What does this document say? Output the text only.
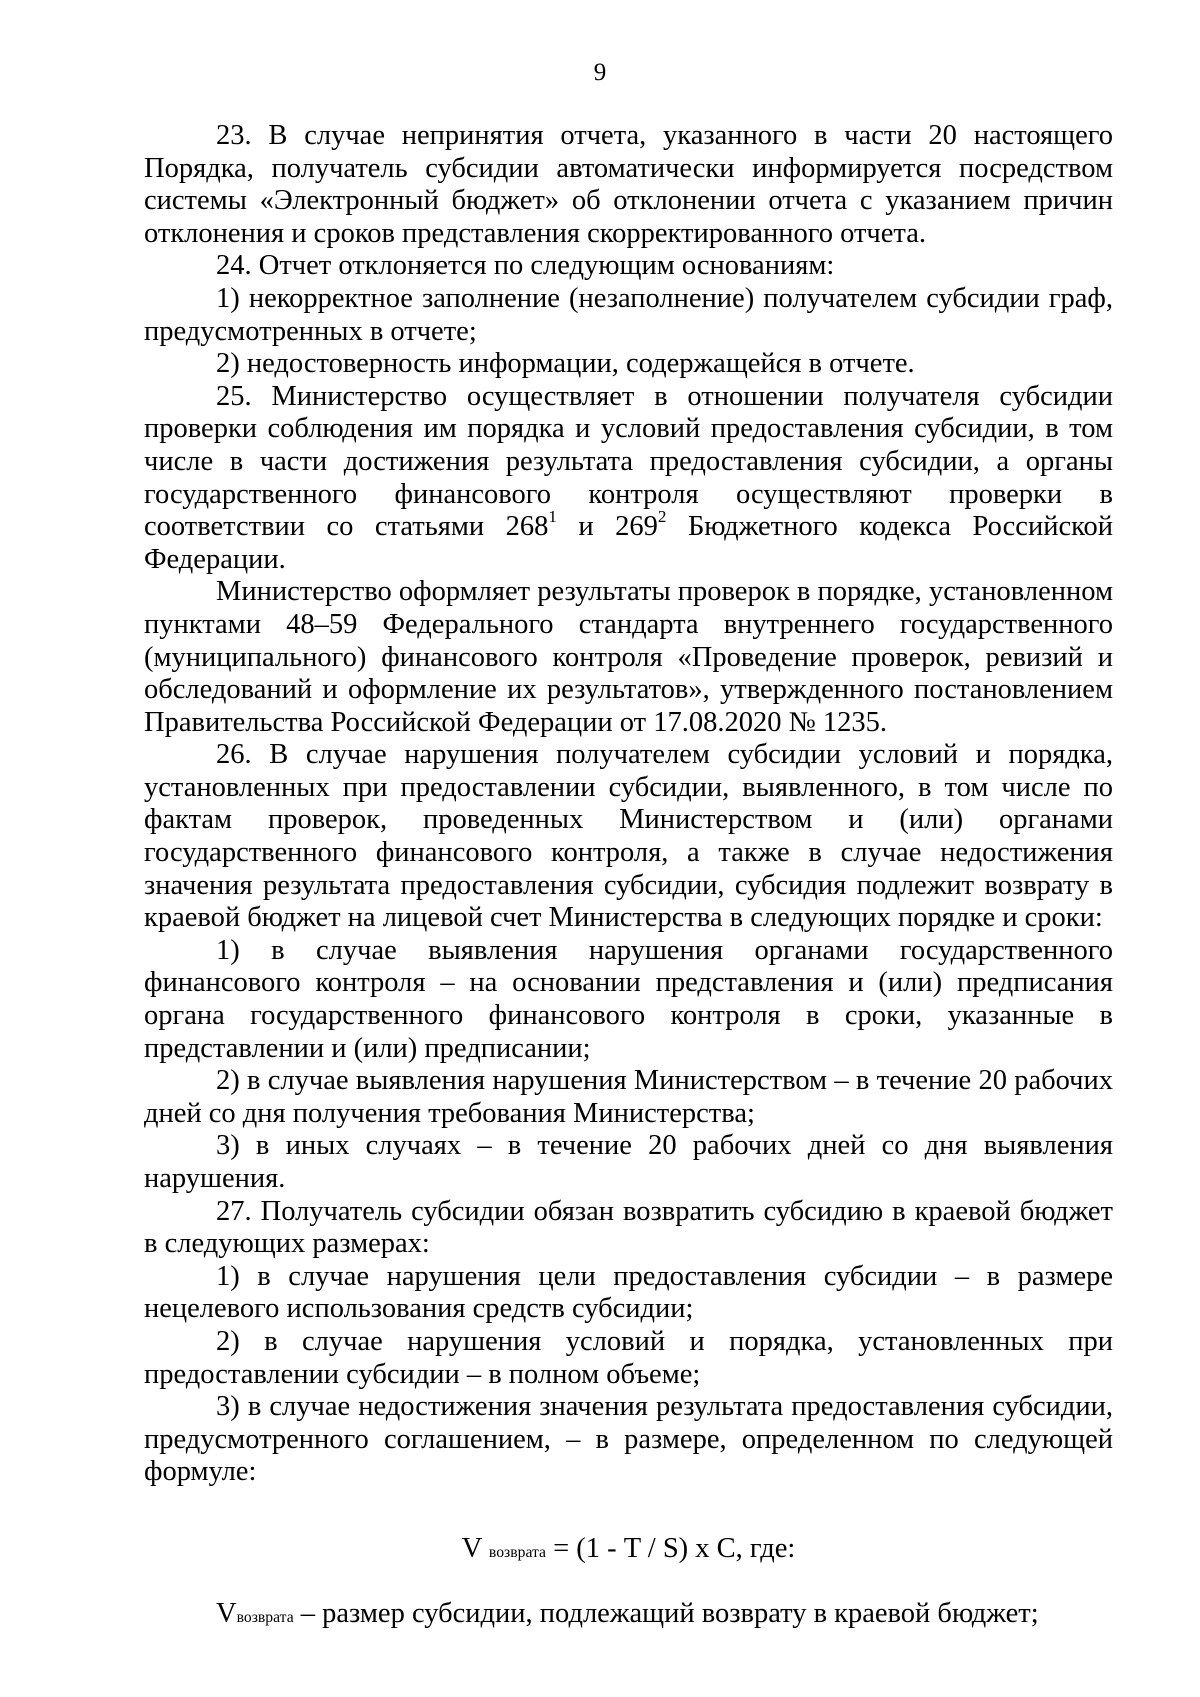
9

23. В случае непринятия отчета, указанного в части 20 настоящего Порядка, получатель субсидии автоматически информируется посредством системы «Электронный бюджет» об отклонении отчета с указанием причин отклонения и сроков представления скорректированного отчета.

24. Отчет отклоняется по следующим основаниям:

1) некорректное заполнение (незаполнение) получателем субсидии граф, предусмотренных в отчете;

2) недостоверность информации, содержащейся в отчете.

25. Министерство осуществляет в отношении получателя субсидии проверки соблюдения им порядка и условий предоставления субсидии, в том числе в части достижения результата предоставления субсидии, а органы государственного финансового контроля осуществляют проверки в соответствии со статьями $268^1$ и $269^2$ Бюджетного кодекса Российской Федерации.

Министерство оформляет результаты проверок в порядке, установленном пунктами 48–59 Федерального стандарта внутреннего государственного (муниципального) финансового контроля «Проведение проверок, ревизий и обследований и оформление их результатов», утвержденного постановлением Правительства Российской Федерации от 17.08.2020 № 1235.

26. В случае нарушения получателем субсидии условий и порядка, установленных при предоставлении субсидии, выявленного, в том числе по фактам проверок, проведенных Министерством и (или) органами государственного финансового контроля, а также в случае недостижения значения результата предоставления субсидии, субсидия подлежит возврату в краевой бюджет на лицевой счет Министерства в следующих порядке и сроки:

1) в случае выявления нарушения органами государственного финансового контроля – на основании представления и (или) предписания органа государственного финансового контроля в сроки, указанные в представлении и (или) предписании;

2) в случае выявления нарушения Министерством – в течение 20 рабочих дней со дня получения требования Министерства;

3) в иных случаях – в течение 20 рабочих дней со дня выявления нарушения.

27. Получатель субсидии обязан возвратить субсидию в краевой бюджет в следующих размерах:

1) в случае нарушения цели предоставления субсидии – в размере нецелевого использования средств субсидии;

2) в случае нарушения условий и порядка, установленных при предоставлении субсидии – в полном объеме;

3) в случае недостижения значения результата предоставления субсидии, предусмотренного соглашением, – в размере, определенном по следующей формуле:

V возврата = (1 - T / S) x C, где:

Vвозврата – размер субсидии, подлежащий возврату в краевой бюджет;
